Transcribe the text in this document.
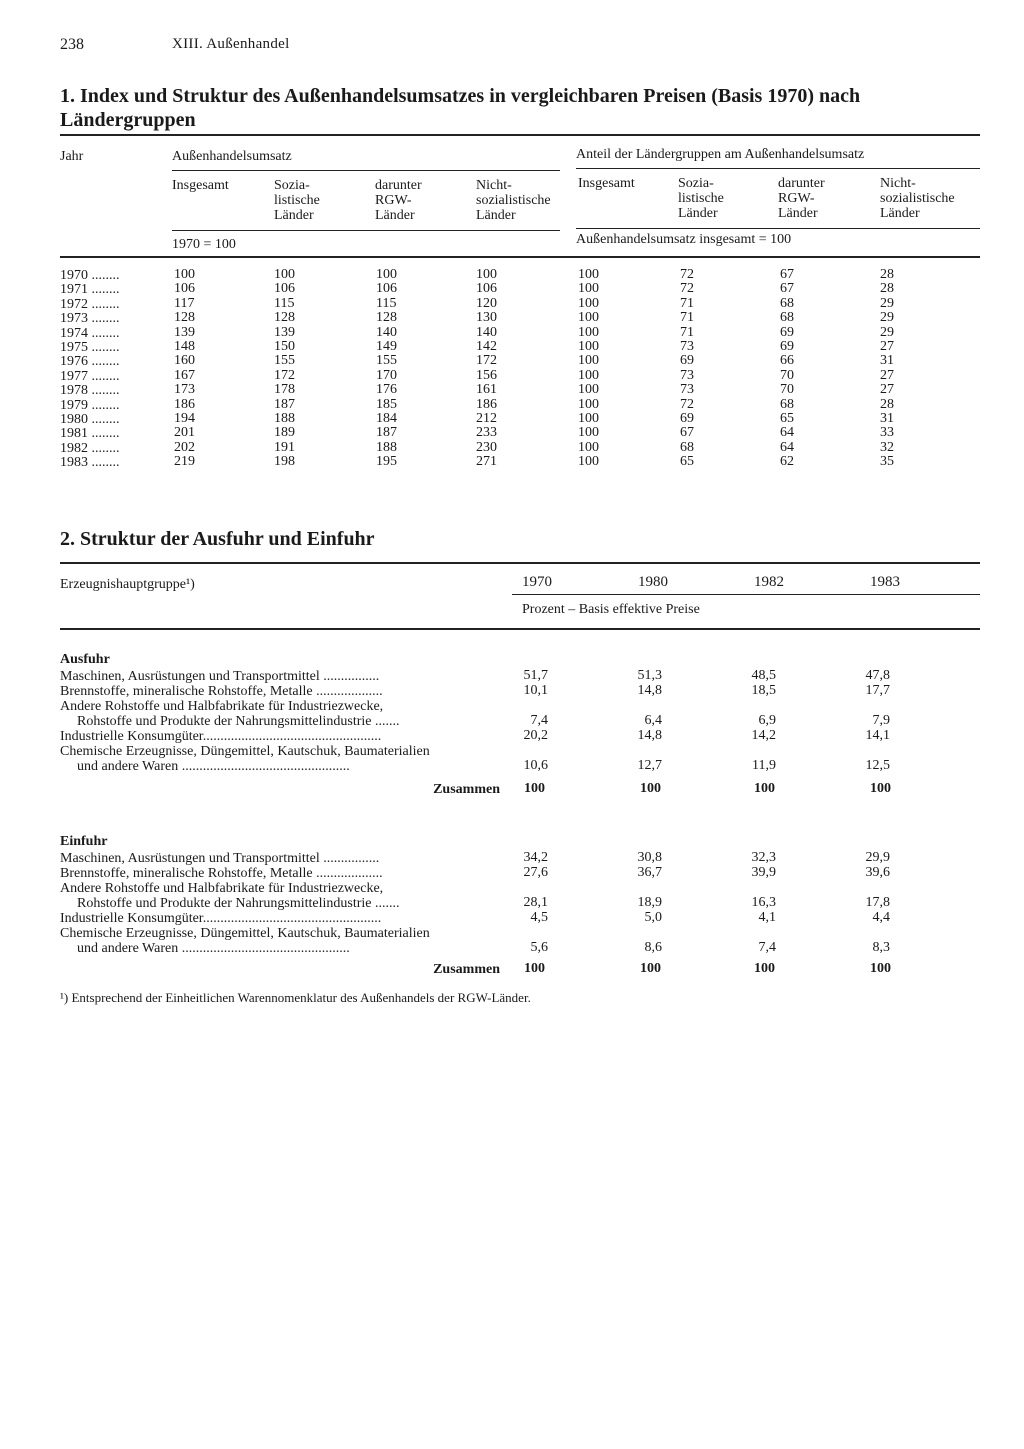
238	XIII. Außenhandel
1. Index und Struktur des Außenhandelsumsatzes in vergleichbaren Preisen (Basis 1970) nach Ländergruppen
Jahr	Außenhandelsumsatz	Anteil der Ländergruppen am Außenhandelsumsatz
Insgesamt	Sozia-
listische
Länder
darunter
RGW-
Länder
Nicht-
sozialistische
Länder
Insgesamt	Sozia-
listische
Länder
darunter
RGW-
Länder
Nicht-
sozialistische
Länder
1970 = 100	Außenhandelsumsatz insgesamt = 100
1970 ........	100	100	100	100	100	72	67	28
1971 ........	106	106	106	106	100	72	67	28
1972 ........	117	115	115	120	100	71	68	29
1973 ........	128	128	128	130	100	71	68	29
1974 ........	139	139	140	140	100	71	69	29
1975 ........	148	150	149	142	100	73	69	27
1976 ........	160	155	155	172	100	69	66	31
1977 ........	167	172	170	156	100	73	70	27
1978 ........	173	178	176	161	100	73	70	27
1979 ........	186	187	185	186	100	72	68	28
1980 ........	194	188	184	212	100	69	65	31
1981 ........	201	189	187	233	100	67	64	33
1982 ........	202	191	188	230	100	68	64	32
1983 ........	219	198	195	271	100	65	62	35
2. Struktur der Ausfuhr und Einfuhr
Erzeugnishauptgruppe¹)	1970	1980	1982	1983
Prozent – Basis effektive Preise
Ausfuhr
Maschinen, Ausrüstungen und Transportmittel ................	51,7	51,3	48,5	47,8
Brennstoffe, mineralische Rohstoffe, Metalle ...................	10,1	14,8	18,5	17,7
Andere Rohstoffe und Halbfabrikate für Industriezwecke,
Rohstoffe und Produkte der Nahrungsmittelindustrie .......	7,4	6,4	6,9	7,9
Industrielle Konsumgüter...................................................	20,2	14,8	14,2	14,1
Chemische Erzeugnisse, Düngemittel, Kautschuk, Baumaterialien
und andere Waren ................................................	10,6	12,7	11,9	12,5
Zusammen 100	100	100	100
Einfuhr
Maschinen, Ausrüstungen und Transportmittel ................	34,2	30,8	32,3	29,9
Brennstoffe, mineralische Rohstoffe, Metalle ...................	27,6	36,7	39,9	39,6
Andere Rohstoffe und Halbfabrikate für Industriezwecke,
Rohstoffe und Produkte der Nahrungsmittelindustrie .......	28,1	18,9	16,3	17,8
Industrielle Konsumgüter...................................................	4,5	5,0	4,1	4,4
Chemische Erzeugnisse, Düngemittel, Kautschuk, Baumaterialien
und andere Waren ................................................	5,6	8,6	7,4	8,3
Zusammen 100	100	100	100
¹) Entsprechend der Einheitlichen Warennomenklatur des Außenhandels der RGW-Länder.
